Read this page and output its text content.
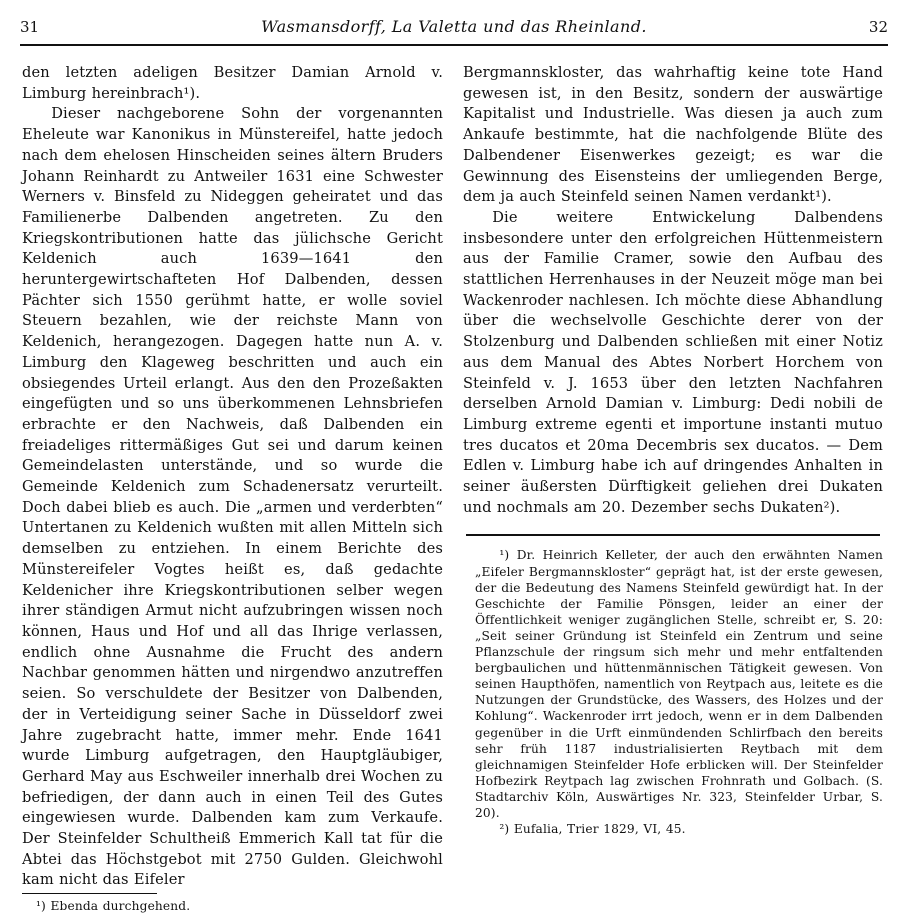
31	Wasmansdorff, La Valetta und das Rheinland.	32

den letzten adeligen Besitzer Damian Arnold v. Limburg hereinbrach¹).

Dieser nachgeborene Sohn der vorgenannten Eheleute war Kanonikus in Münstereifel, hatte jedoch nach dem ehelosen Hinscheiden seines ältern Bruders Johann Reinhardt zu Antweiler 1631 eine Schwester Werners v. Binsfeld zu Nideggen geheiratet und das Familienerbe Dalbenden angetreten. Zu den Kriegskontributionen hatte das jülichsche Gericht Keldenich auch 1639—1641 den heruntergewirtschafteten Hof Dalbenden, dessen Pächter sich 1550 gerühmt hatte, er wolle soviel Steuern bezahlen, wie der reichste Mann von Keldenich, herangezogen. Dagegen hatte nun A. v. Limburg den Klageweg beschritten und auch ein obsiegendes Urteil erlangt. Aus den den Prozeßakten eingefügten und so uns überkommenen Lehnsbriefen erbrachte er den Nachweis, daß Dalbenden ein freiadeliges rittermäßiges Gut sei und darum keinen Gemeindelasten unterstände, und so wurde die Gemeinde Keldenich zum Schadenersatz verurteilt. Doch dabei blieb es auch. Die „armen und verderbten“ Untertanen zu Keldenich wußten mit allen Mitteln sich demselben zu entziehen. In einem Berichte des Münstereifeler Vogtes heißt es, daß gedachte Keldenicher ihre Kriegskontributionen selber wegen ihrer ständigen Armut nicht aufzubringen wissen noch können, Haus und Hof und all das Ihrige verlassen, endlich ohne Ausnahme die Frucht des andern Nachbar genommen hätten und nirgendwo anzutreffen seien. So verschuldete der Besitzer von Dalbenden, der in Verteidigung seiner Sache in Düsseldorf zwei Jahre zugebracht hatte, immer mehr. Ende 1641 wurde Limburg aufgetragen, den Hauptgläubiger, Gerhard May aus Eschweiler innerhalb drei Wochen zu befriedigen, der dann auch in einen Teil des Gutes eingewiesen wurde. Dalbenden kam zum Verkaufe. Der Steinfelder Schultheiß Emmerich Kall tat für die Abtei das Höchstgebot mit 2750 Gulden. Gleichwohl kam nicht das Eifeler

¹) Ebenda durchgehend.

Bergmannskloster, das wahrhaftig keine tote Hand gewesen ist, in den Besitz, sondern der auswärtige Kapitalist und Industrielle. Was diesen ja auch zum Ankaufe bestimmte, hat die nachfolgende Blüte des Dalbendener Eisenwerkes gezeigt; es war die Gewinnung des Eisensteins der umliegenden Berge, dem ja auch Steinfeld seinen Namen verdankt¹).

Die weitere Entwickelung Dalbendens insbesondere unter den erfolgreichen Hüttenmeistern aus der Familie Cramer, sowie den Aufbau des stattlichen Herrenhauses in der Neuzeit möge man bei Wackenroder nachlesen. Ich möchte diese Abhandlung über die wechselvolle Geschichte derer von der Stolzenburg und Dalbenden schließen mit einer Notiz aus dem Manual des Abtes Norbert Horchem von Steinfeld v. J. 1653 über den letzten Nachfahren derselben Arnold Damian v. Limburg: Dedi nobili de Limburg extreme egenti et importune instanti mutuo tres ducatos et 20ma Decembris sex ducatos. — Dem Edlen v. Limburg habe ich auf dringendes Anhalten in seiner äußersten Dürftigkeit geliehen drei Dukaten und nochmals am 20. Dezember sechs Dukaten²).

¹) Dr. Heinrich Kelleter, der auch den erwähnten Namen „Eifeler Bergmannskloster“ geprägt hat, ist der erste gewesen, der die Bedeutung des Namens Steinfeld gewürdigt hat. In der Geschichte der Familie Pönsgen, leider an einer der Öffentlichkeit weniger zugänglichen Stelle, schreibt er, S. 20: „Seit seiner Gründung ist Steinfeld ein Zentrum und seine Pflanzschule der ringsum sich mehr und mehr entfaltenden bergbaulichen und hüttenmännischen Tätigkeit gewesen. Von seinen Haupthöfen, namentlich von Reytpach aus, leitete es die Nutzungen der Grundstücke, des Wassers, des Holzes und der Kohlung“. Wackenroder irrt jedoch, wenn er in dem Dalbenden gegenüber in die Urft einmündenden Schlirfbach den bereits sehr früh 1187 industrialisierten Reytbach mit dem gleichnamigen Steinfelder Hofe erblicken will. Der Steinfelder Hofbezirk Reytpach lag zwischen Frohnrath und Golbach. (S. Stadtarchiv Köln, Auswärtiges Nr. 323, Steinfelder Urbar, S. 20).

²) Eufalia, Trier 1829, VI, 45.
